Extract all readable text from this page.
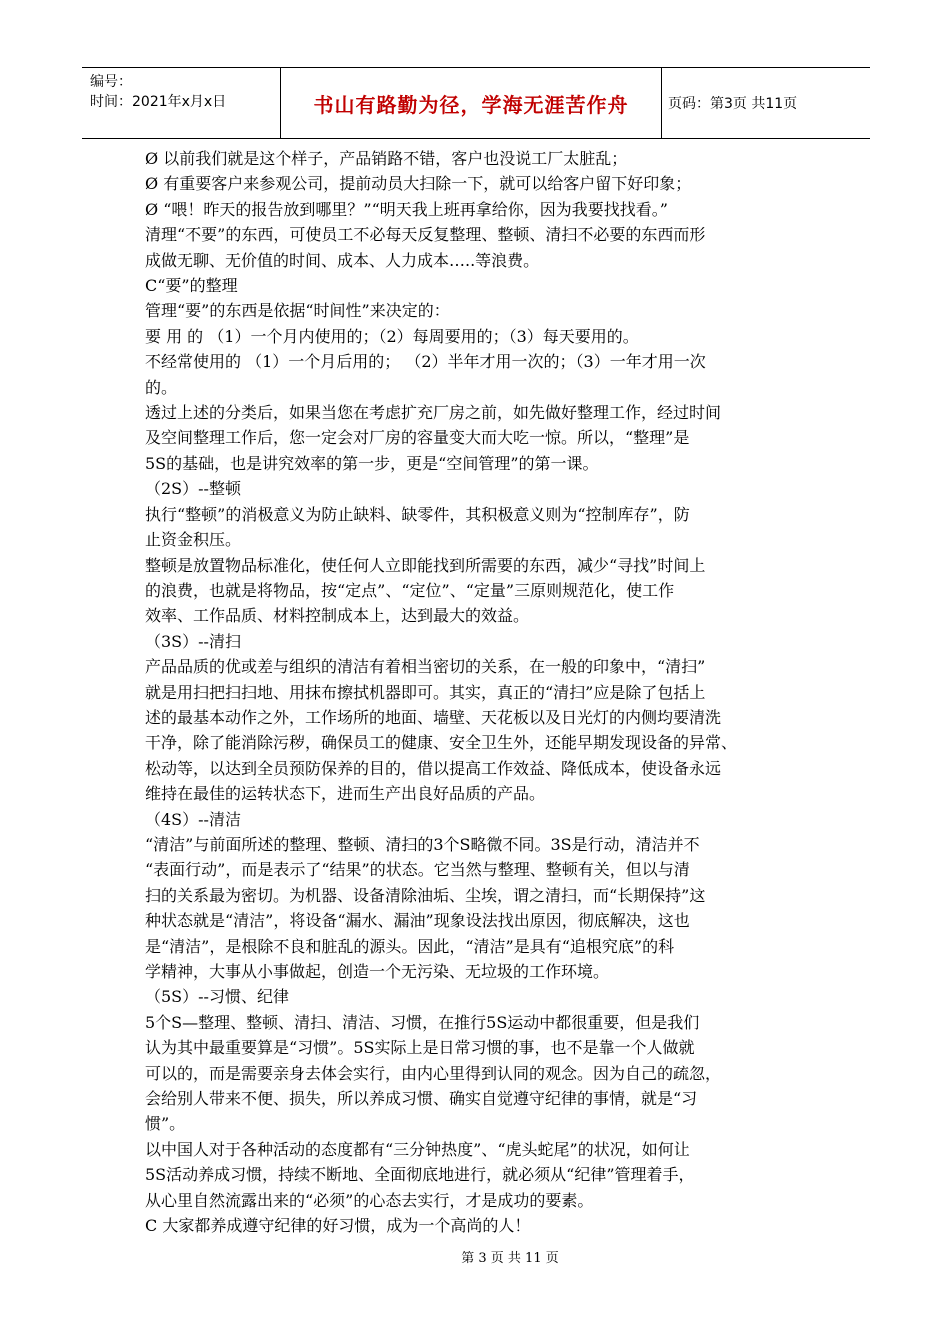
编号：
时间：2021年x月x日	书山有路勤为径，学海无涯苦作舟	页码：第3页 共11页

Ø 以前我们就是这个样子，产品销路不错，客户也没说工厂太脏乱；

Ø 有重要客户来参观公司，提前动员大扫除一下，就可以给客户留下好印象；

Ø “喂！昨天的报告放到哪里？”“明天我上班再拿给你，因为我要找找看。”

清理“不要”的东西，可使员工不必每天反复整理、整顿、清扫不必要的东西而形

成做无聊、无价值的时间、成本、人力成本…..等浪费。

C“要”的整理

管理“要”的东西是依据“时间性”来决定的：

要 用 的 （1）一个月内使用的；（2）每周要用的；（3）每天要用的。

不经常使用的 （1）一个月后用的； （2）半年才用一次的；（3）一年才用一次

的。

透过上述的分类后，如果当您在考虑扩充厂房之前，如先做好整理工作，经过时间

及空间整理工作后，您一定会对厂房的容量变大而大吃一惊。所以，“整理”是

5S的基础，也是讲究效率的第一步，更是“空间管理”的第一课。

（2S）--整顿

执行“整顿”的消极意义为防止缺料、缺零件，其积极意义则为“控制库存”，防

止资金积压。

整顿是放置物品标准化，使任何人立即能找到所需要的东西，减少“寻找”时间上

的浪费，也就是将物品，按“定点”、“定位”、“定量”三原则规范化，使工作

效率、工作品质、材料控制成本上，达到最大的效益。

（3S）--清扫

产品品质的优或差与组织的清洁有着相当密切的关系，在一般的印象中，“清扫”

就是用扫把扫扫地、用抹布擦拭机器即可。其实，真正的“清扫”应是除了包括上

述的最基本动作之外，工作场所的地面、墙壁、天花板以及日光灯的内侧均要清洗

干净，除了能消除污秽，确保员工的健康、安全卫生外，还能早期发现设备的异常、

松动等，以达到全员预防保养的目的，借以提高工作效益、降低成本，使设备永远

维持在最佳的运转状态下，进而生产出良好品质的产品。

（4S）--清洁

“清洁”与前面所述的整理、整顿、清扫的3个S略微不同。3S是行动，清洁并不

“表面行动”，而是表示了“结果”的状态。它当然与整理、整顿有关，但以与清

扫的关系最为密切。为机器、设备清除油垢、尘埃，谓之清扫，而“长期保持”这

种状态就是“清洁”，将设备“漏水、漏油”现象设法找出原因，彻底解决，这也

是“清洁”，是根除不良和脏乱的源头。因此，“清洁”是具有“追根究底”的科

学精神，大事从小事做起，创造一个无污染、无垃圾的工作环境。

（5S）--习惯、纪律

5个S—整理、整顿、清扫、清洁、习惯，在推行5S运动中都很重要，但是我们

认为其中最重要算是“习惯”。5S实际上是日常习惯的事，也不是靠一个人做就

可以的，而是需要亲身去体会实行，由内心里得到认同的观念。因为自己的疏忽，

会给别人带来不便、损失，所以养成习惯、确实自觉遵守纪律的事情，就是“习

惯”。

以中国人对于各种活动的态度都有“三分钟热度”、“虎头蛇尾”的状况，如何让

5S活动养成习惯，持续不断地、全面彻底地进行，就必须从“纪律”管理着手，

从心里自然流露出来的“必须”的心态去实行，才是成功的要素。

C 大家都养成遵守纪律的好习惯，成为一个高尚的人！

第 3 页 共 11 页
